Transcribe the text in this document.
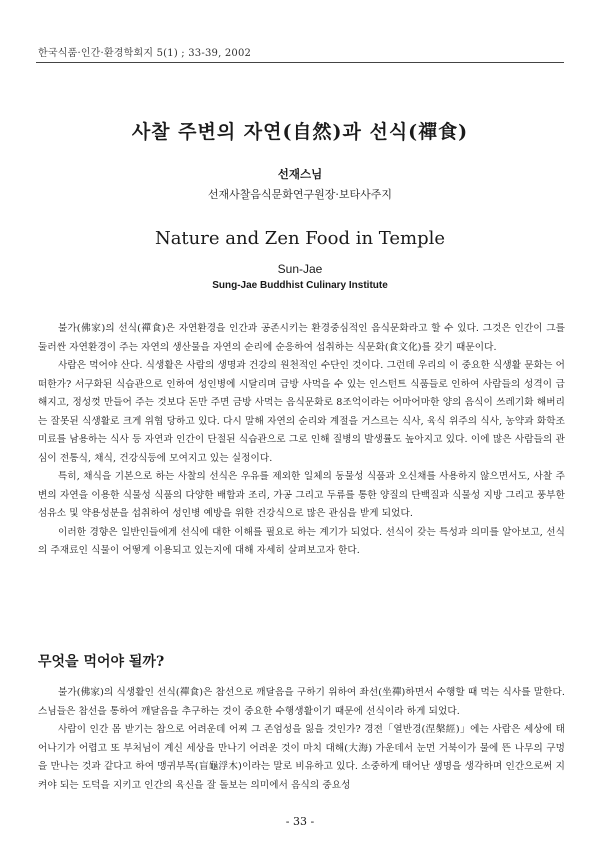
한국식품·인간·환경학회지 5(1) ; 33-39, 2002
사찰 주변의 자연(自然)과 선식(禪食)
선재스님
선재사찰음식문화연구원장·보타사주지
Nature and Zen Food in Temple
Sun-Jae
Sung-Jae Buddhist Culinary Institute

불가(佛家)의 선식(禪食)은 자연환경을 인간과 공존시키는 환경중심적인 음식문화라고 할 수 있다. 그것은 인간이 그를 둘러싼 자연환경이 주는 자연의 생산물을 자연의 순리에 순응하여 섭취하는 식문화(食文化)를 갖기 때문이다.

사람은 먹어야 산다. 식생활은 사람의 생명과 건강의 원천적인 수단인 것이다. 그런데 우리의 이 중요한 식생활 문화는 어떠한가? 서구화된 식습관으로 인하여 성인병에 시달리며 급방 사먹을 수 있는 인스턴트 식품들로 인하여 사람들의 성격이 급해지고, 정성껏 만들어 주는 것보다 돈만 주면 금방 사먹는 음식문화로 8조억이라는 어마어마한 양의 음식이 쓰레기화 해버리는 잘못된 식생활로 크게 위협 당하고 있다. 다시 말해 자연의 순리와 계절을 거스르는 식사, 육식 위주의 식사, 농약과 화학조미료를 남용하는 식사 등 자연과 인간이 단절된 식습관으로 그로 인해 질병의 발생률도 높아지고 있다. 이에 많은 사람들의 관심이 전통식, 채식, 건강식등에 모여지고 있는 실정이다.

특히, 채식을 기본으로 하는 사찰의 선식은 우유를 제외한 일체의 동물성 식품과 오신채를 사용하지 않으면서도, 사찰 주변의 자연을 이용한 식물성 식품의 다양한 배합과 조리, 가공 그리고 두류를 통한 양질의 단백질과 식물성 지방 그리고 풍부한 섬유소 및 약용성분을 섭취하여 성인병 예방을 위한 건강식으로 많은 관심을 받게 되었다.

이러한 경향은 일반인들에게 선식에 대한 이해를 필요로 하는 계기가 되었다. 선식이 갖는 특성과 의미를 알아보고, 선식의 주재료인 식물이 어떻게 이용되고 있는지에 대해 자세히 살펴보고자 한다.

무엇을 먹어야 될까?

불가(佛家)의 식생활인 선식(禪食)은 참선으로 깨달음을 구하기 위하여 좌선(坐禪)하면서 수행할 때 먹는 식사를 말한다. 스님들은 참선을 통하여 깨달음을 추구하는 것이 중요한 수행생활이기 때문에 선식이라 하게 되었다.

사람이 인간 몸 받기는 참으로 어려운데 어찌 그 존엄성을 잃을 것인가? 경전「열반경(涅槃經)」에는 사람은 세상에 태어나기가 어렵고 또 부처님이 계신 세상을 만나기 어려운 것이 마치 대해(大海) 가운데서 눈먼 거북이가 물에 뜬 나무의 구멍을 만나는 것과 같다고 하여 맹귀부목(盲龜浮木)이라는 말로 비유하고 있다. 소중하게 태어난 생명을 생각하며 인간으로써 지켜야 되는 도덕을 지키고 인간의 육신을 잘 돌보는 의미에서 음식의 중요성

- 33 -
